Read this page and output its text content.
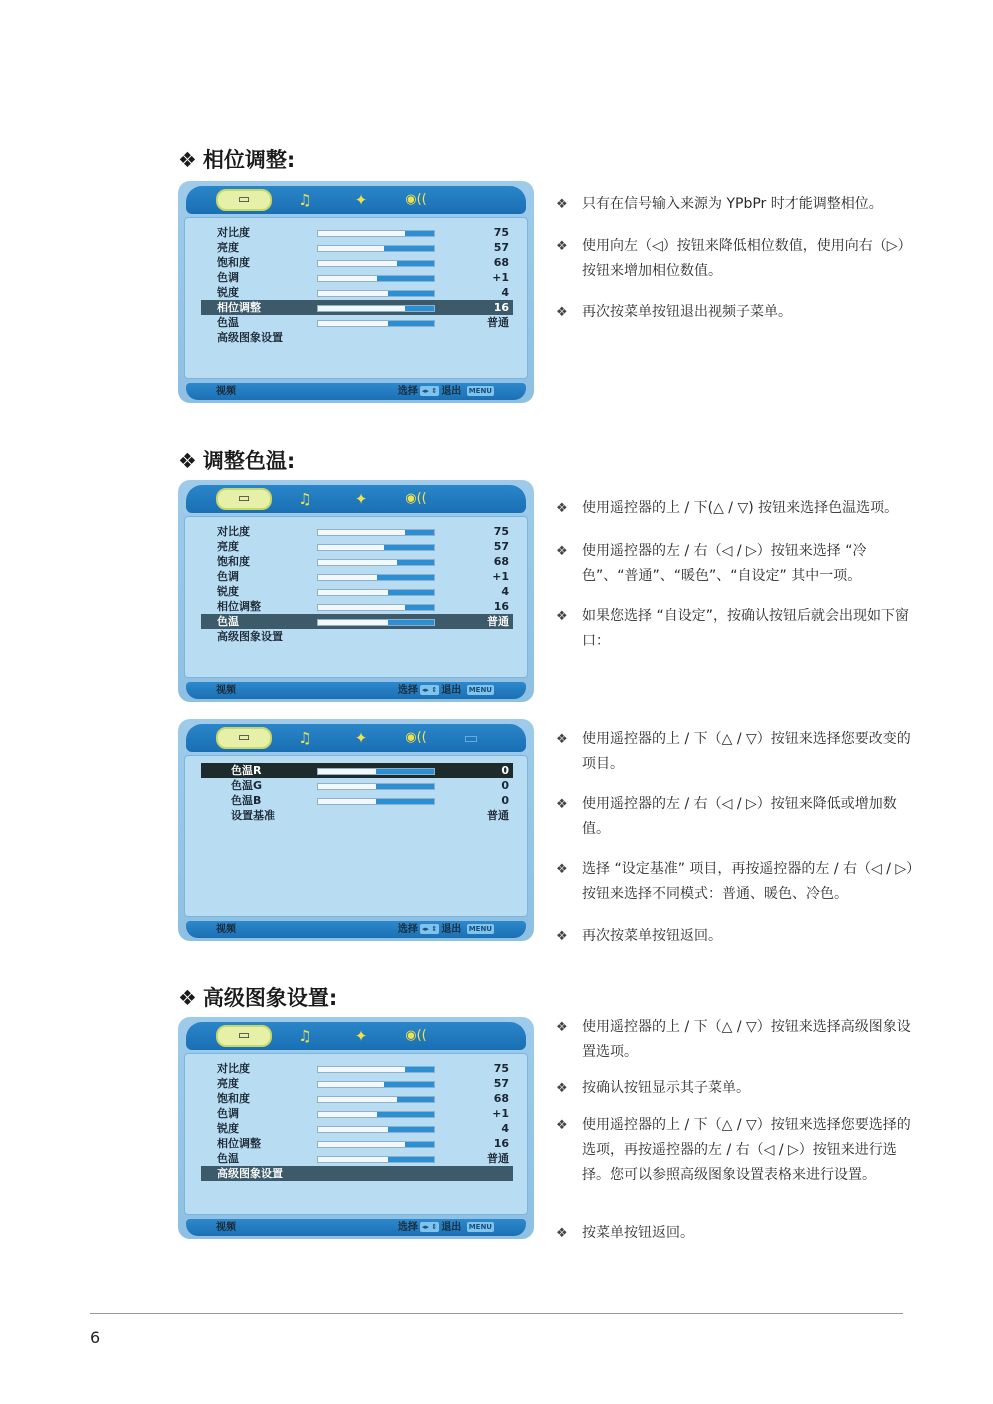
❖ 相位调整:
▭	♫	✦	◉((
对比度	75
亮度	57
饱和度	68
色调	+1
锐度	4
相位调整	16
色温	普通
高级图象设置
视频	选择 ◂▸ ⇕ 退出 MENU
❖ 调整色温:
▭	♫	✦	◉((
对比度	75
亮度	57
饱和度	68
色调	+1
锐度	4
相位调整	16
色温	普通
高级图象设置
视频	选择 ◂▸ ⇕ 退出 MENU
▭	♫	✦	◉((	▭
色温R	0
色温G	0
色温B	0
设置基准	普通
视频	选择 ◂▸ ⇕ 退出 MENU
❖ 高级图象设置:
▭	♫	✦	◉((
对比度	75
亮度	57
饱和度	68
色调	+1
锐度	4
相位调整	16
色温	普通
高级图象设置
视频	选择 ◂▸ ⇕ 退出 MENU
❖ 只有在信号输入来源为 YPbPr 时才能调整相位。
❖ 使用向左（◁）按钮来降低相位数值，使用向右（▷）按钮来增加相位数值。
❖ 再次按菜单按钮退出视频子菜单。
❖ 使用遥控器的上 / 下(△ / ▽) 按钮来选择色温选项。
❖ 使用遥控器的左 / 右（◁ / ▷）按钮来选择 “冷色”、“普通”、“暖色”、“自设定” 其中一项。
❖ 如果您选择 “自设定”，按确认按钮后就会出现如下窗口：
❖ 使用遥控器的上 / 下（△ / ▽）按钮来选择您要改变的项目。
❖ 使用遥控器的左 / 右（◁ / ▷）按钮来降低或增加数值。
❖ 选择 “设定基准” 项目，再按遥控器的左 / 右（◁ / ▷）按钮来选择不同模式：普通、暖色、冷色。
❖ 再次按菜单按钮返回。
❖ 使用遥控器的上 / 下（△ / ▽）按钮来选择高级图象设置选项。
❖ 按确认按钮显示其子菜单。
❖ 使用遥控器的上 / 下（△ / ▽）按钮来选择您要选择的选项，再按遥控器的左 / 右（◁ / ▷）按钮来进行选择。您可以参照高级图象设置表格来进行设置。
❖ 按菜单按钮返回。
6
